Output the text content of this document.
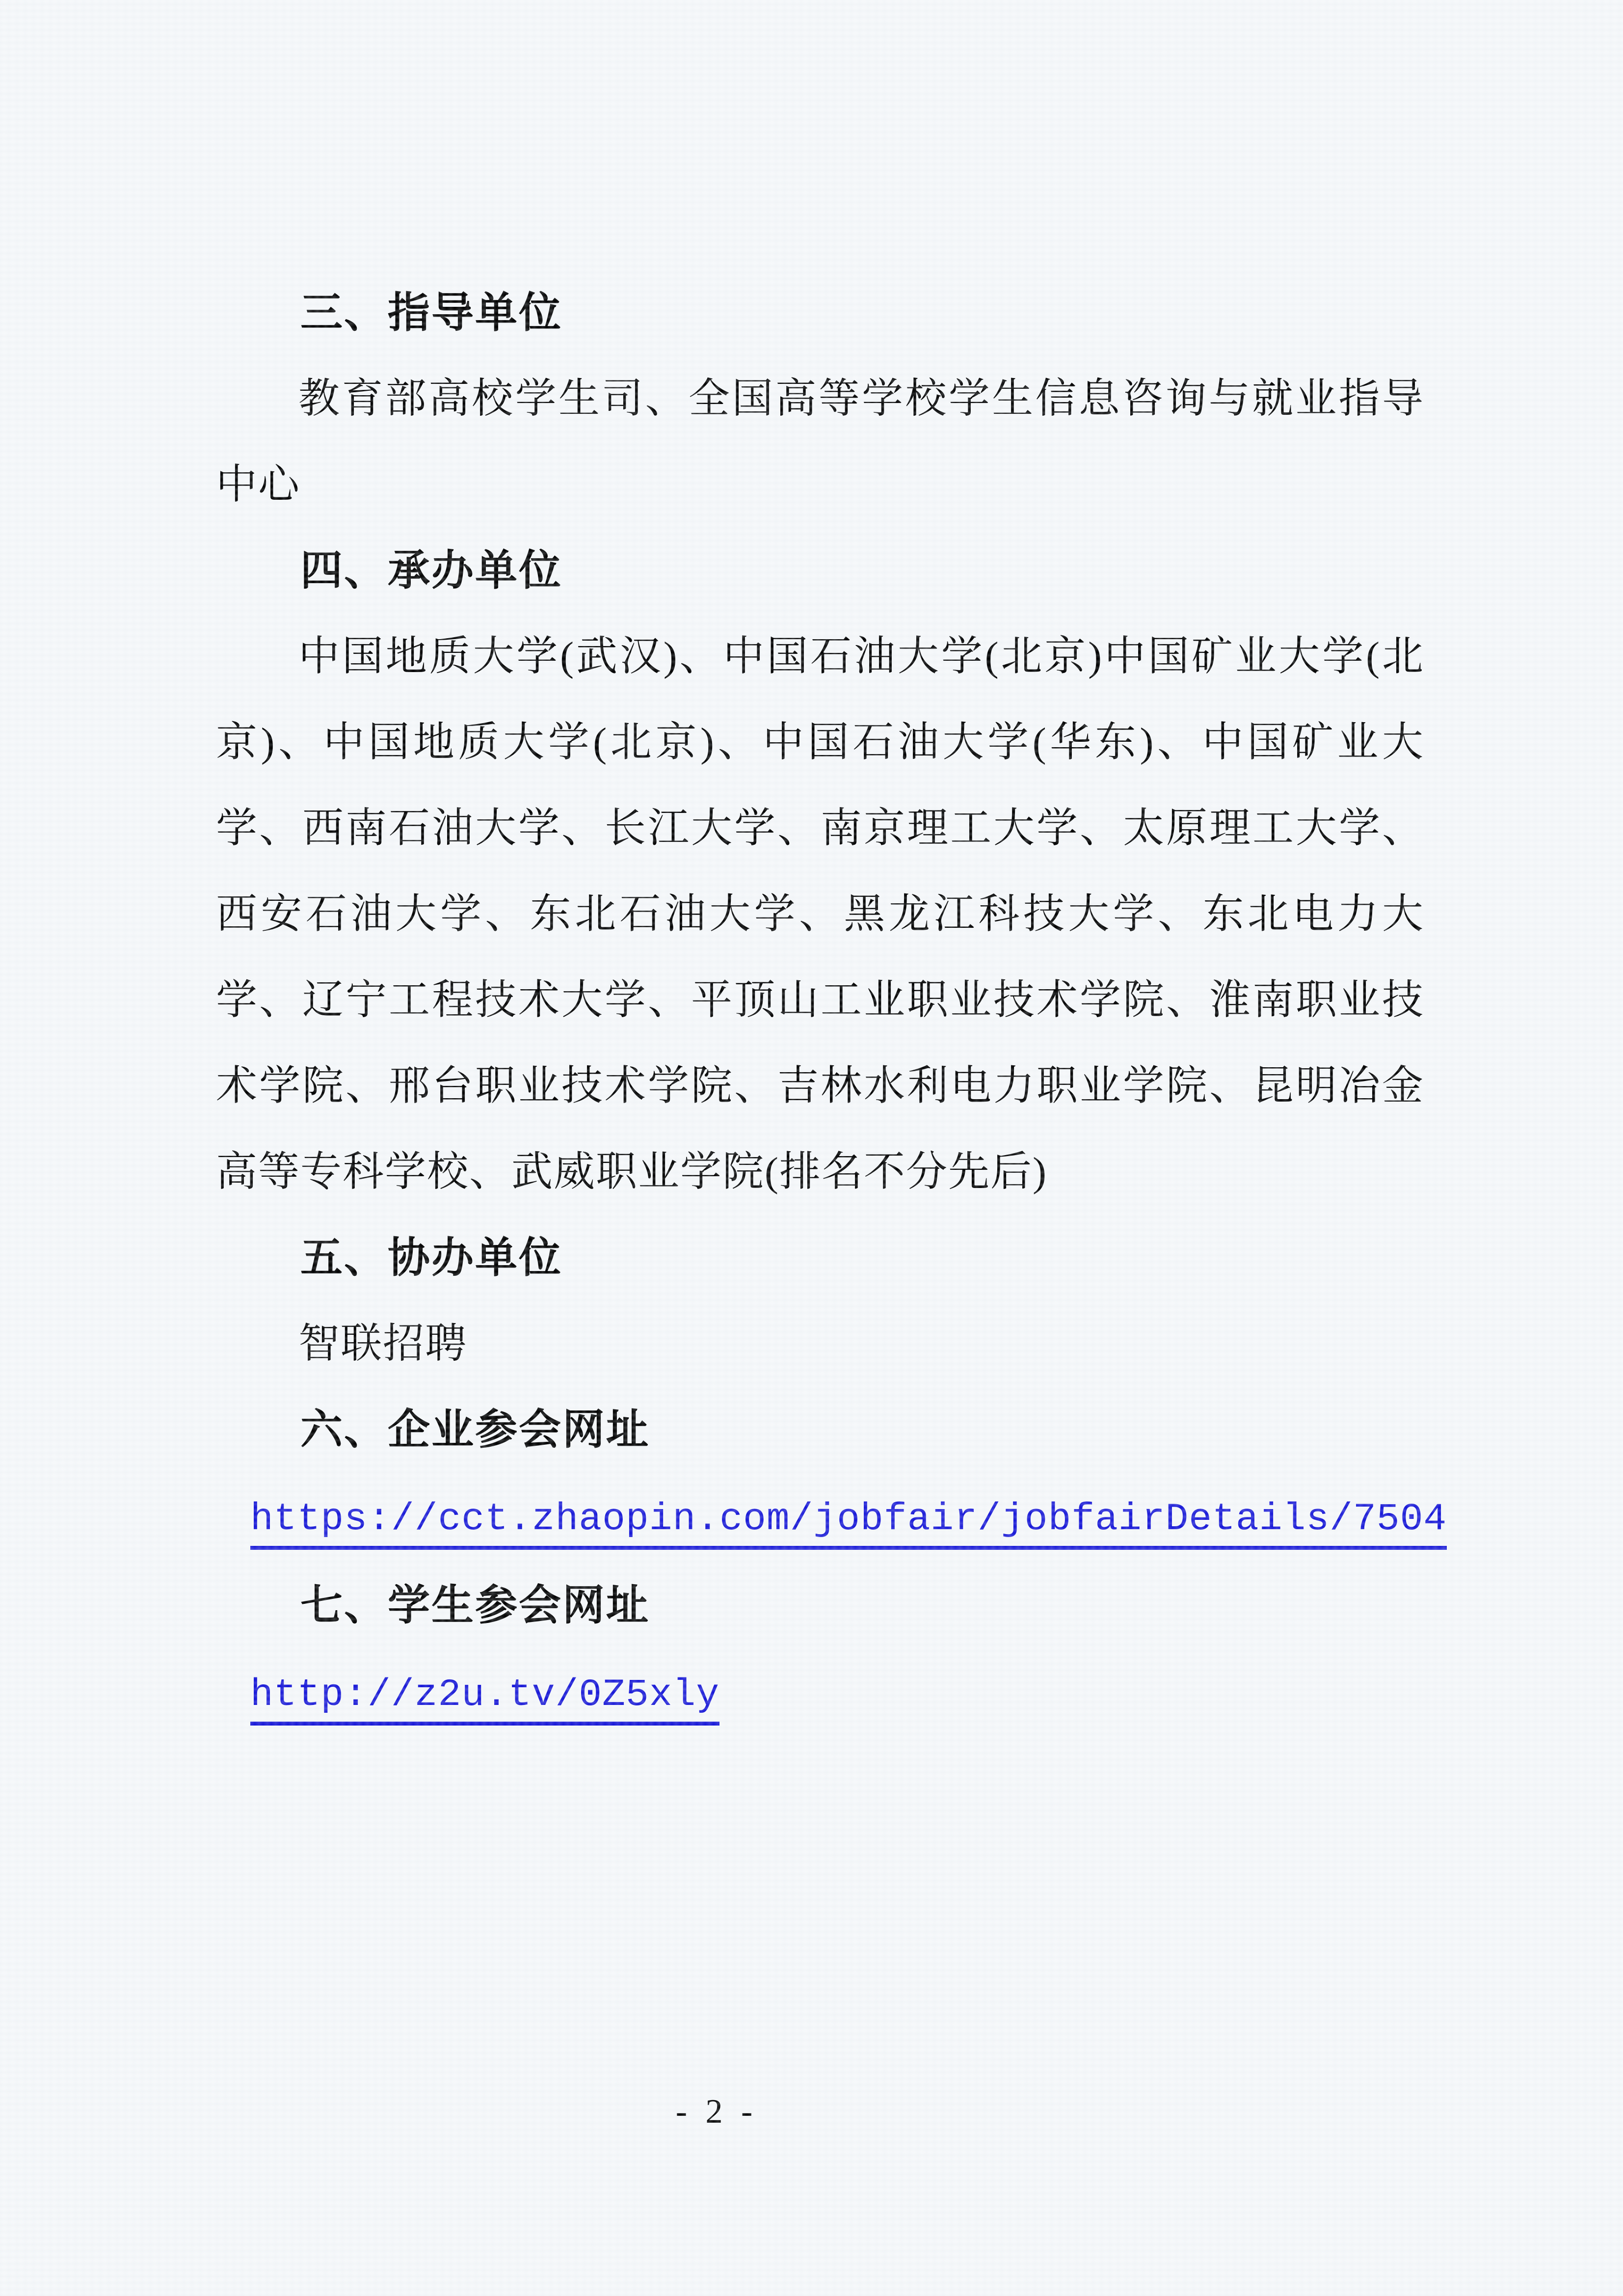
三、指导单位

教育部高校学生司、全国高等学校学生信息咨询与就业指导中心

四、承办单位

中国地质大学(武汉)、中国石油大学(北京)中国矿业大学(北京)、中国地质大学(北京)、中国石油大学(华东)、中国矿业大学、西南石油大学、长江大学、南京理工大学、太原理工大学、西安石油大学、东北石油大学、黑龙江科技大学、东北电力大学、辽宁工程技术大学、平顶山工业职业技术学院、淮南职业技术学院、邢台职业技术学院、吉林水利电力职业学院、昆明冶金高等专科学校、武威职业学院(排名不分先后)

五、协办单位

智联招聘

六、企业参会网址

https://cct.zhaopin.com/jobfair/jobfairDetails/7504

七、学生参会网址

http://z2u.tv/0Z5xly

- 2 -
